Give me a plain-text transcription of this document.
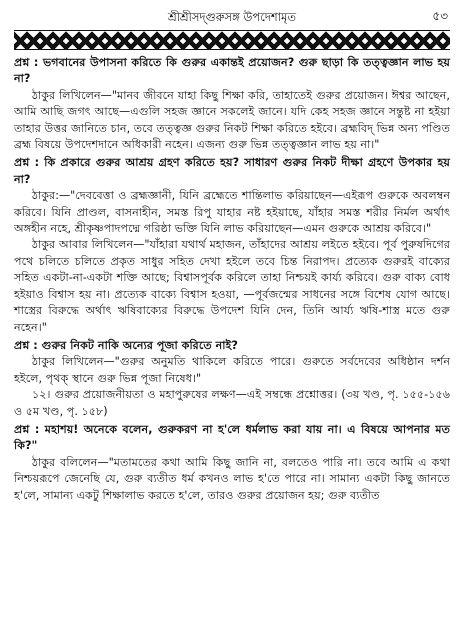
শ্রীশ্রীসদ্গুরুসঙ্গ উপদেশামৃত	৫৩

প্রশ্ন : ভগবানের উপাসনা করিতে কি গুরুর একান্তই প্রয়োজন? গুরু ছাড়া কি তত্ত্বজ্ঞান লাভ হয় না?

ঠাকুর লিখিলেন—"মানব জীবনে যাহা কিছু শিক্ষা করি, তাহাতেই গুরুর প্রয়োজন। ঈশ্বর আছেন, আমি আছি জগৎ আছে—এগুলি সহজ জ্ঞানে সকলেই জানে। যদি কেহ সহজ জ্ঞানে সন্তুষ্ট না হইয়া তাহার উত্তর জানিতে চান, তবে তত্ত্বজ্ঞ গুরুর নিকট শিক্ষা করিতে হইবে। ব্রহ্মবিদ্ ভিন্ন অন্য পণ্ডিত ব্রহ্ম বিষয়ে উপদেশদানে অধিকারী নহেন। এজন্য গুরু ভিন্ন তত্ত্বজ্ঞান লাভ হয় না।"

প্রশ্ন : কি প্রকারে গুরুর আশ্রয় গ্রহণ করিতে হয়? সাধারণ গুরুর নিকট দীক্ষা গ্রহণে উপকার হয় না?

ঠাকুর:—"দেববেত্তা ও ব্রহ্মজ্ঞানী, যিনি ব্রহ্মেতে শান্তিলাভ করিয়াছেন—এইরূপ গুরুকে অবলম্বন করিবে। যিনি প্রাণ্ডল, বাসনাহীন, সমস্ত রিপু যাহার নষ্ট হইয়াছে, যাঁহার সমস্ত শরীর নির্মল অর্থাৎ অঙ্গহীন নহে, শ্রীকৃষ্ণপাদপদ্মে গরিষ্ঠা ভক্তি যিনি লাভ করিয়াছেন—এমন গুরুকে আশ্রয় করিবে।"

ঠাকুর আবার লিখিলেন—"যাঁহারা যথার্থ মহাজন, তাঁহাদের আশ্রয় লইতে হইবে। পূর্ব পুরুষদিগের পথে চলিতে চলিতে প্রকৃত সাধুর সহিত দেখা হইলে তবে চিন্ত নিরাপদ। প্রত্যেক গুরুরই বাক্যের সহিত একটা-না-একটা শক্তি আছে; বিশ্বাসপূর্বক করিলে তাহা নিশ্চয়ই কার্য্য করিবে। গুরু বাক্য বোধ হইয়াও বিশ্বাস হয় না। প্রত্যেক বাক্যে বিশ্বাস হওয়া, —পূর্বজন্মের সাধনের সঙ্গে বিশেষ যোগ আছে। শাস্ত্রের বিরুদ্ধে অর্থাৎ ঋষিবাক্যের বিরুদ্ধে উপদেশ যিনি দেন, তিনি আর্য্য ঋষি-শাস্ত্র মতে গুরু নহেন।"

প্রশ্ন : গুরুর নিকট নাকি অন্যের পূজা করিতে নাই?

ঠাকুর লিখিলেন—"গুরুর অনুমতি থাকিলে করিতে পারে। গুরুতে সর্বদেবের অধিষ্ঠান দর্শন হইলে, পৃথক্ স্থানে গুরু ভিন্ন পূজা নিষেধ।"

১২। গুরুর প্রয়োজনীয়তা ও মহাপুরুষের লক্ষণ—এই সম্বন্ধে প্রশ্নোত্তর। (৩য় খণ্ড, পৃ. ১৫৫-১৫৬ ও ৫ম খণ্ড, পৃ. ১৫৮)

প্রশ্ন : মহাশয়! অনেকে বলেন, গুরুকরণ না হ'লে ধর্মলাভ করা যায় না। এ বিষয়ে আপনার মত কি?"

ঠাকুর বলিলেন—"মতামতের কথা আমি কিছু জানি না, বলতেও পারি না। তবে আমি এ কথা নিশ্চয়রূপে জেনেছি যে, গুরু ব্যতীত ধর্ম কখনও লাভ হ'তে পারে না। সামান্য একটা কিছু জানতে হ'লে, সামান্য একটু শিক্ষালাভ করতে হ'লে, তারও গুরুর প্রয়োজন হয়; গুরু ব্যতীত
